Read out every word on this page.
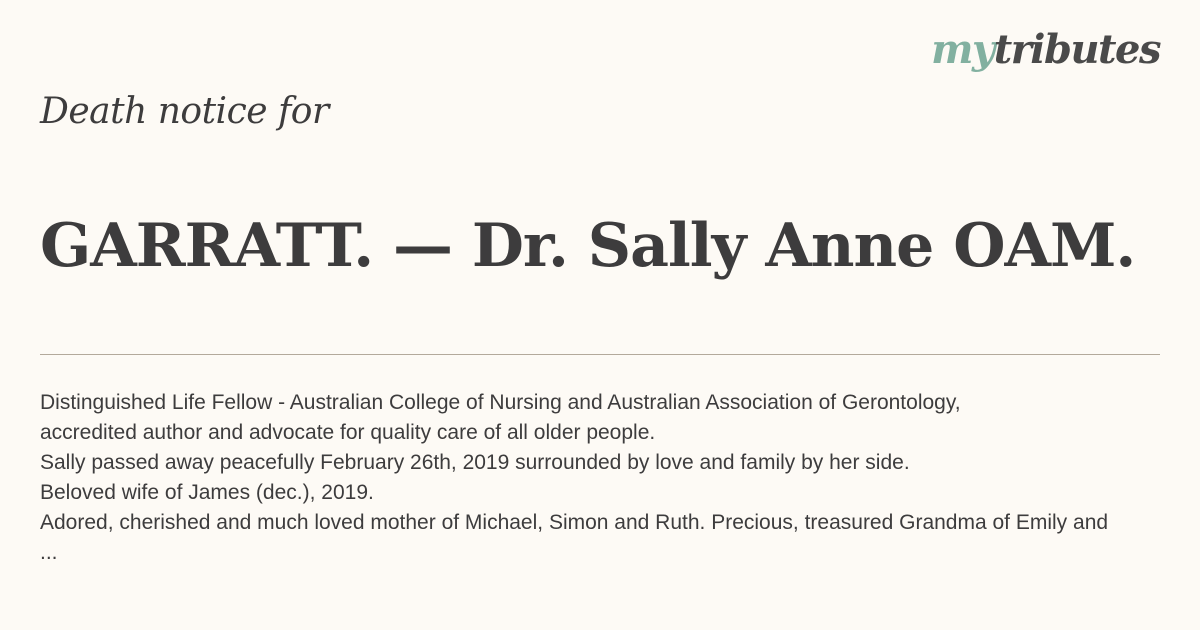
mytributes
Death notice for
GARRATT. — Dr. Sally Anne OAM.
Distinguished Life Fellow - Australian College of Nursing and Australian Association of Gerontology,
accredited author and advocate for quality care of all older people.
Sally passed away peacefully February 26th, 2019 surrounded by love and family by her side.
Beloved wife of James (dec.), 2019.
Adored, cherished and much loved mother of Michael, Simon and Ruth. Precious, treasured Grandma of Emily and
...
